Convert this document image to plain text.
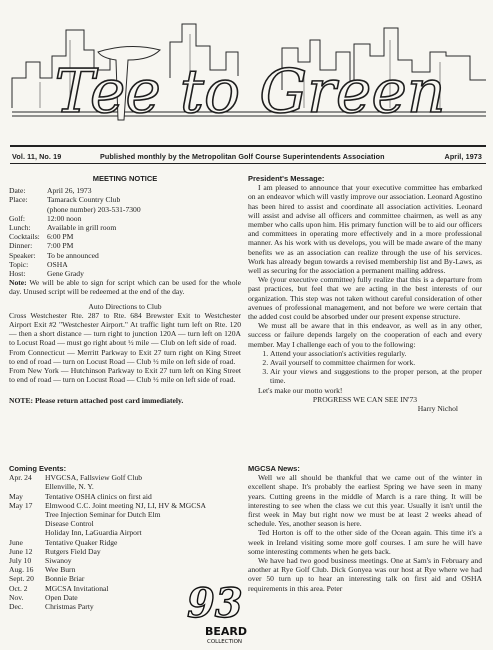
Tee to Green
Vol. 11, No. 19	Published monthly by the Metropolitan Golf Course Superintendents Association	April, 1973
MEETING NOTICE
Date:	April 26, 1973
Place:	Tamarack Country Club
(phone number) 203-531-7300
Golf:	12:00 noon
Lunch:	Available in grill room
Cocktails: 6:00 PM
Dinner:	7:00 PM
Speaker:	To be announced
Topic:	OSHA
Host:	Gene Grady

Note: We will be able to sign for script which can be used for the whole day. Unused script will be redeemed at the end of the day.

Auto Directions to Club

Cross Westchester Rte. 287 to Rte. 684 Brewster Exit to Westchester Airport Exit #2 "Westchester Airport." At traffic light turn left on Rte. 120 — then a short distance — turn right to junction 120A — turn left on 120A to Locust Road — must go right about ½ mile — Club on left side of road.

From Connecticut — Merritt Parkway to Exit 27 turn right on King Street to end of road — turn on Locust Road — Club ½ mile on left side of road.

From New York — Hutchinson Parkway to Exit 27 turn left on King Street to end of road — turn on Locust Road — Club ½ mile on left side of road.

NOTE: Please return attached post card immediately.

Coming Events:
Apr. 24	HVGCSA, Fallsview Golf Club
Ellenville, N. Y.
May	Tentative OSHA clinics on first aid
May 17	Elmwood C.C. Joint meeting NJ, LI, HV & MGCSA
Tree Injection Seminar for Dutch Elm
Disease Control
Holiday Inn, LaGuardia Airport
June	Tentative Quaker Ridge
June 12	Rutgers Field Day
July 10	Siwanoy
Aug. 16	Wee Burn
Sept. 20	Bonnie Briar
Oct. 2	MGCSA Invitational
Nov.	Open Date
Dec.	Christmas Party 93
BEARD
COLLECTION
President's Message:

I am pleased to announce that your executive committee has embarked on an endeavor which will vastly improve our association. Leonard Agostino has been hired to assist and coordinate all association activities. Leonard will assist and advise all officers and committee chairmen, as well as any member who calls upon him. His primary function will be to aid our officers and committees in operating more effectively and in a more professional manner. As his work with us develops, you will be made aware of the many benefits we as an association can realize through the use of his services. Work has already begun towards a revised membership list and By-Laws, as well as securing for the association a permanent mailing address.

We (your executive committee) fully realize that this is a departure from past practices, but feel that we are acting in the best interests of our organization. This step was not taken without careful consideration of other avenues of professional management, and not before we were certain that the added cost could be absorbed under our present expense structure.

We must all be aware that in this endeavor, as well as in any other, success or failure depends largely on the cooperation of each and every member. May I challenge each of you to the following:

1. Attend your association's activities regularly.
2. Avail yourself to committee chairmen for work.
3. Air your views and suggestions to the proper person, at the proper time.

Let's make our motto work!

PROGRESS WE CAN SEE IN'73

Harry Nichol

MGCSA News:

Well we all should be thankful that we came out of the winter in excellent shape. It's probably the earliest Spring we have seen in many years. Cutting greens in the middle of March is a rare thing. It will be interesting to see when the class we cut this year. Usually it isn't until the first week in May but right now we must be at least 2 weeks ahead of schedule. Yes, another season is here.

Ted Horton is off to the other side of the Ocean again. This time it's a week in Ireland visiting some more golf courses. I am sure he will have some interesting comments when he gets back.

We have had two good business meetings. One at Sam's in February and another at Rye Golf Club. Dick Gonyea was our host at Rye where we had over 50 turn up to hear an interesting talk on first aid and OSHA requirements in this area. Peter
